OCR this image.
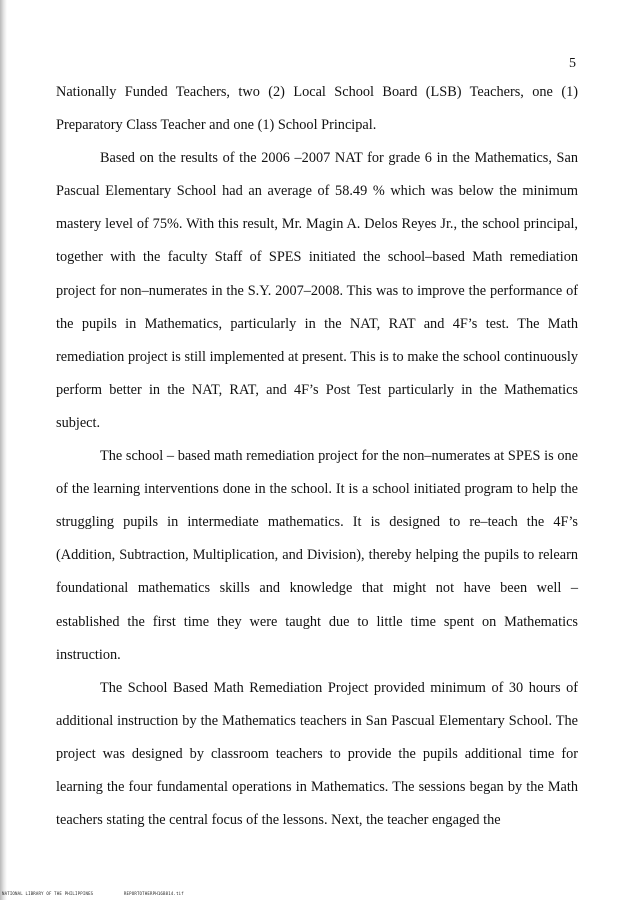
5

Nationally Funded Teachers, two (2) Local School Board (LSB) Teachers, one (1) Preparatory Class Teacher and one (1) School Principal.

Based on the results of the 2006 –2007 NAT for grade 6 in the Mathematics, San Pascual Elementary School had an average of 58.49 % which was below the minimum mastery level of 75%. With this result, Mr. Magin A. Delos Reyes Jr., the school principal, together with the faculty Staff of SPES initiated the school–based Math remediation project for non–numerates in the S.Y. 2007–2008. This was to improve the performance of the pupils in Mathematics, particularly in the NAT, RAT and 4F’s test. The Math remediation project is still implemented at present. This is to make the school continuously perform better in the NAT, RAT, and 4F’s Post Test particularly in the Mathematics subject.

The school – based math remediation project for the non–numerates at SPES is one of the learning interventions done in the school. It is a school initiated program to help the struggling pupils in intermediate mathematics. It is designed to re–teach the 4F’s (Addition, Subtraction, Multiplication, and Division), thereby helping the pupils to relearn foundational mathematics skills and knowledge that might not have been well – established the first time they were taught due to little time spent on Mathematics instruction.

The School Based Math Remediation Project provided minimum of 30 hours of additional instruction by the Mathematics teachers in San Pascual Elementary School. The project was designed by classroom teachers to provide the pupils additional time for learning the four fundamental operations in Mathematics. The sessions began by the Math teachers stating the central focus of the lessons. Next, the teacher engaged the

NATIONAL LIBRARY OF THE PHILIPPINES	REPORTOTHERPH16B814.tif
